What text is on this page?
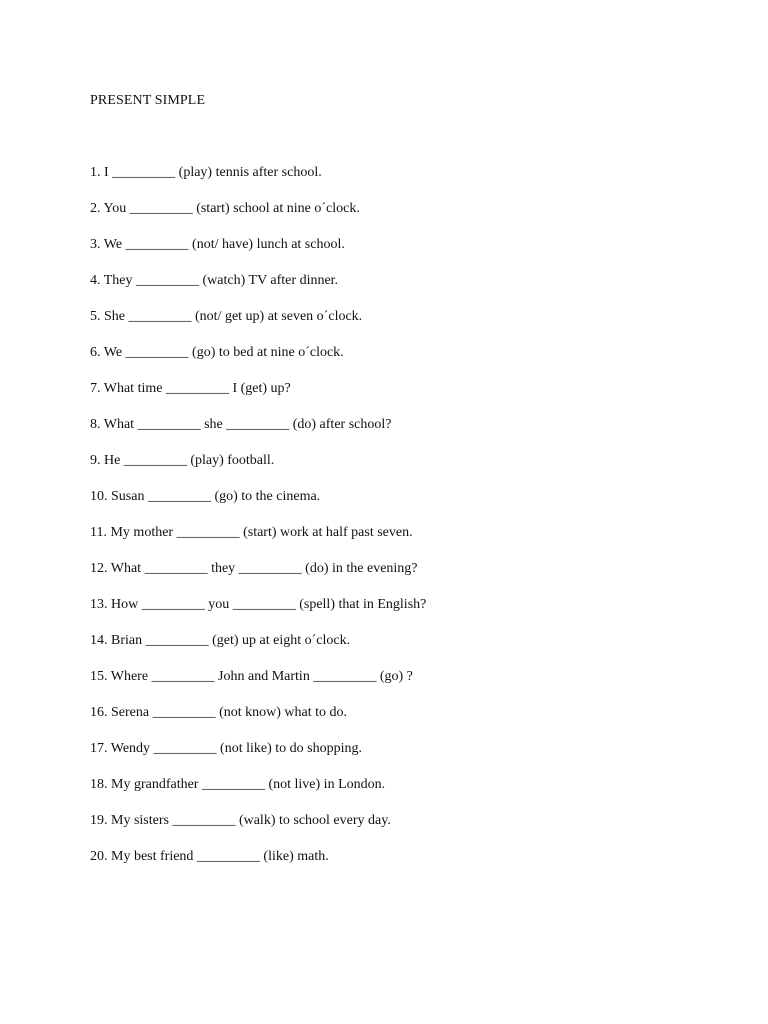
PRESENT SIMPLE
1. I _________ (play) tennis after school.
2. You _________ (start) school at nine o´clock.
3. We _________ (not/ have) lunch at school.
4. They _________ (watch) TV after dinner.
5. She _________ (not/ get up) at seven o´clock.
6. We _________ (go) to bed at nine o´clock.
7. What time _________ I (get) up?
8. What _________ she _________ (do) after school?
9. He _________ (play) football.
10. Susan _________ (go) to the cinema.
11. My mother _________ (start) work at half past seven.
12. What _________ they _________ (do) in the evening?
13. How _________ you _________ (spell) that in English?
14. Brian _________ (get) up at eight o´clock.
15. Where _________ John and Martin _________ (go) ?
16. Serena _________ (not know) what to do.
17. Wendy _________ (not like) to do shopping.
18. My grandfather _________ (not live) in London.
19. My sisters _________ (walk) to school every day.
20. My best friend _________ (like) math.
